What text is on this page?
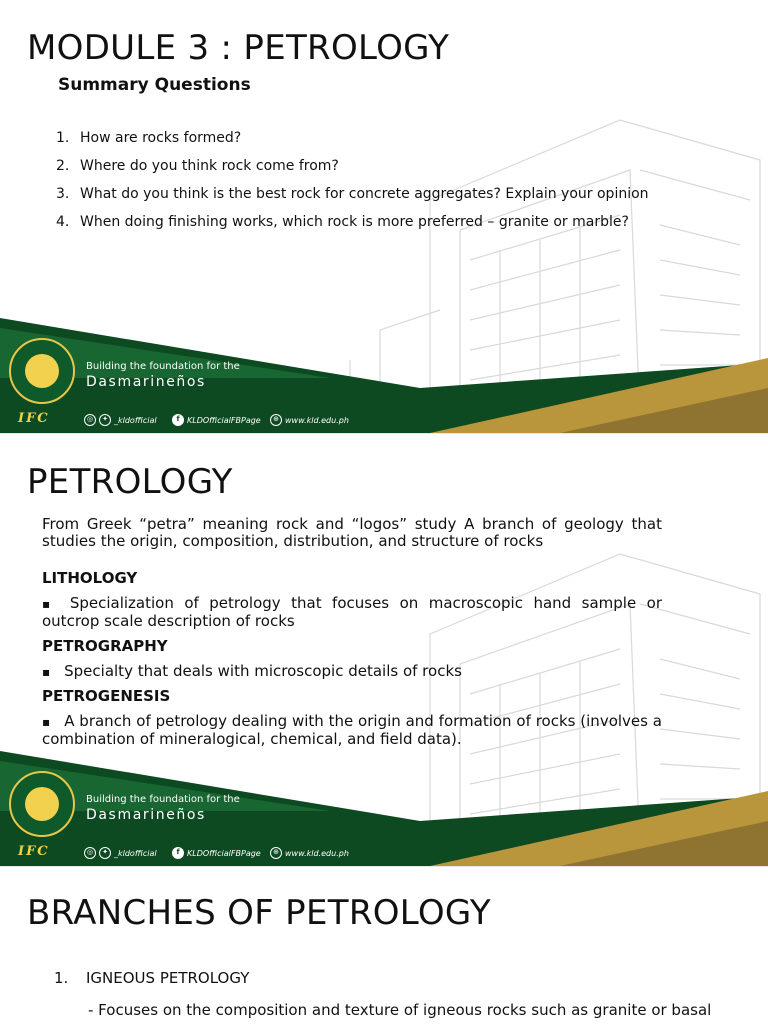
MODULE 3 : PETROLOGY
Summary Questions
1. How are rocks formed?
2. Where do you think rock come from?
3. What do you think is the best rock for concrete aggregates? Explain your opinion
4. When doing finishing works, which rock is more preferred – granite or marble?
Building the foundation for the
Dasmarineños
IFC	◎	✦ _kldofficial	f KLDOfficialFBPage	⊕ www.kld.edu.ph
PETROLOGY
From Greek “petra” meaning rock and “logos” study A branch of geology that studies the origin, composition, distribution, and structure of rocks
LITHOLOGY
▪ Specialization of petrology that focuses on macroscopic hand sample or outcrop scale description of rocks
PETROGRAPHY
▪ Specialty that deals with microscopic details of rocks
PETROGENESIS
▪ A branch of petrology dealing with the origin and formation of rocks (involves a combination of mineralogical, chemical, and field data).
Building the foundation for the
Dasmarineños
IFC	◎	✦ _kldofficial	f KLDOfficialFBPage	⊕ www.kld.edu.ph
BRANCHES OF PETROLOGY
1. IGNEOUS PETROLOGY
- Focuses on the composition and texture of igneous rocks such as granite or basal
